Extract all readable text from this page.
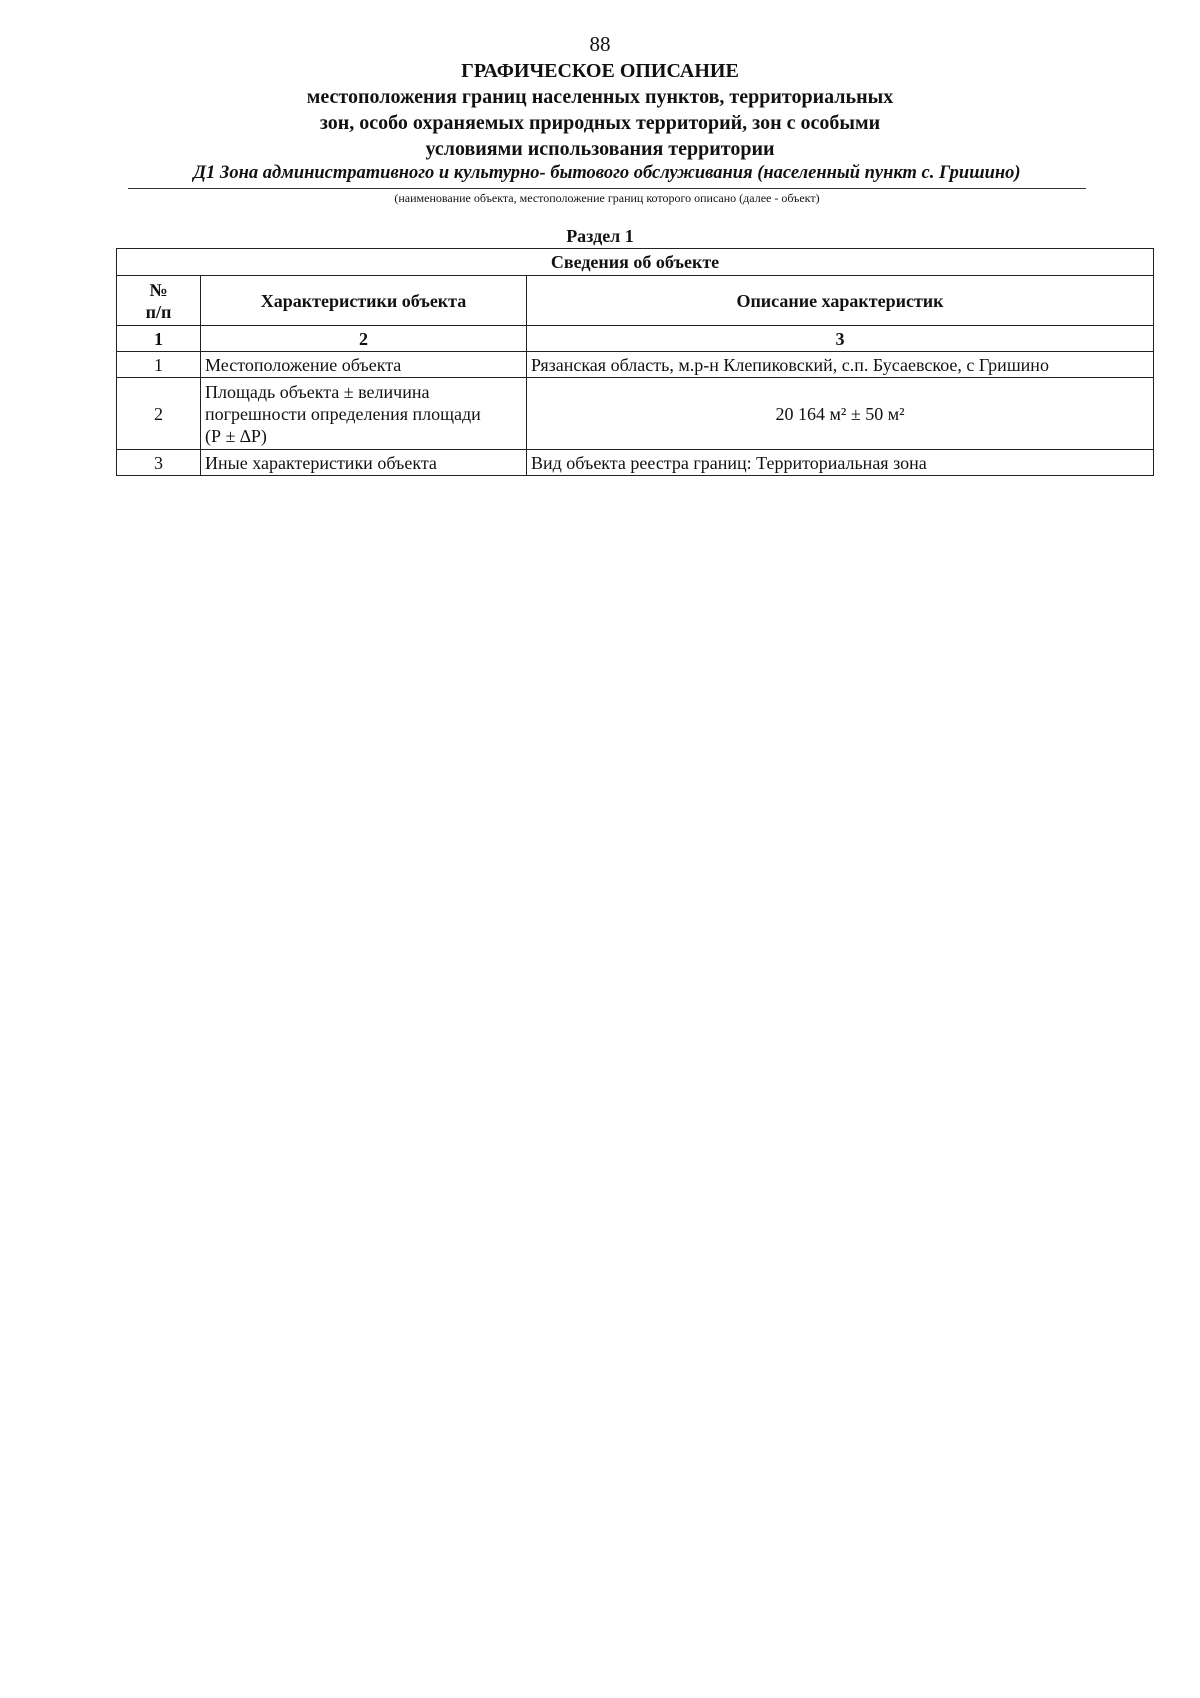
88
ГРАФИЧЕСКОЕ ОПИСАНИЕ
местоположения границ населенных пунктов, территориальных
зон, особо охраняемых природных территорий, зон с особыми
условиями использования территории
Д1 Зона административного и культурно- бытового обслуживания (населенный пункт с. Гришино)
(наименование объекта, местоположение границ которого описано (далее - объект)
Раздел 1
Сведения об объекте		
№
п/п	Характеристики объекта	Описание характеристик
1	2	3
1	Местоположение объекта	Рязанская область, м.р-н Клепиковский, с.п. Бусаевское, с Гришино
2	Площадь объекта ± величина
погрешности определения площади
(Р ± ∆Р)	20 164 м² ± 50 м²
3	Иные характеристики объекта	Вид объекта реестра границ: Территориальная зона
